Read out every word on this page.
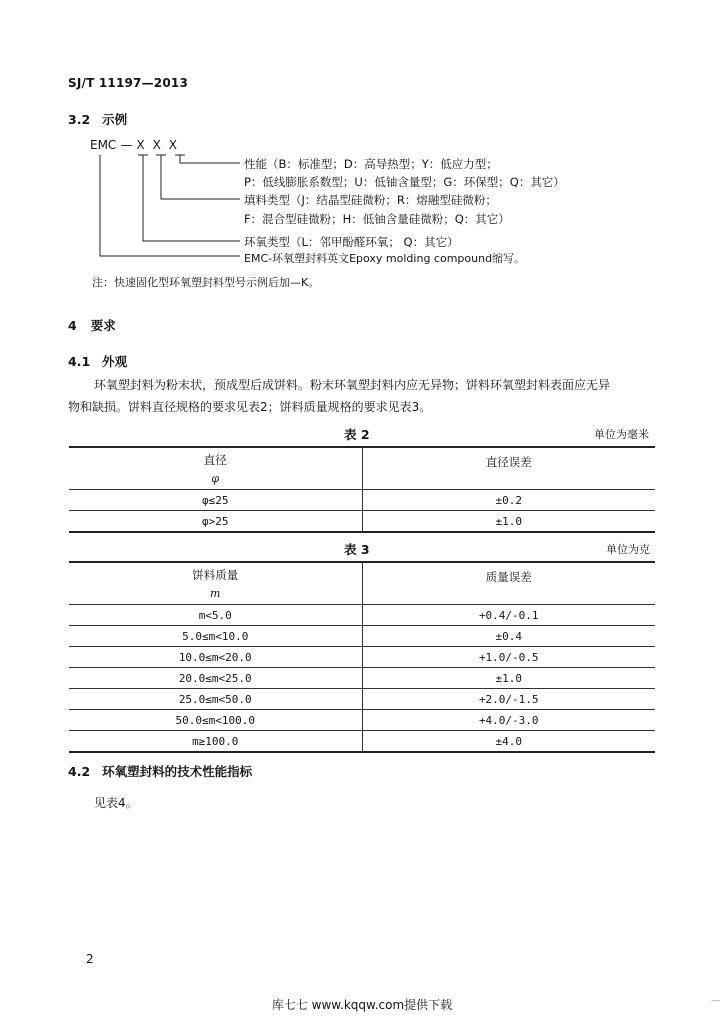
SJ/T 11197—2013
3.2 示例
EMC — X X X
性能（B：标准型；D：高导热型；Y：低应力型；
P：低线膨胀系数型；U：低铀含量型；G：环保型；Q：其它）
填料类型（J：结晶型硅微粉；R：熔融型硅微粉；
F：混合型硅微粉；H：低铀含量硅微粉；Q：其它）
环氧类型（L：邻甲酚醛环氧； Q：其它）
EMC-环氧塑封料英文Epoxy molding compound缩写。
注：快速固化型环氧塑封料型号示例后加—K。
4 要求
4.1 外观
环氧塑封料为粉末状，预成型后成饼料。粉末环氧塑封料内应无异物；饼料环氧塑封料表面应无异
物和缺损。饼料直径规格的要求见表2；饼料质量规格的要求见表3。
表 2	单位为毫米
直径
φ	直径误差
φ≤25	±0.2
φ>25	±1.0
表 3	单位为克
饼料质量
m	质量误差
m<5.0	+0.4/-0.1
5.0≤m<10.0	±0.4
10.0≤m<20.0	+1.0/-0.5
20.0≤m<25.0	±1.0
25.0≤m<50.0	+2.0/-1.5
50.0≤m<100.0	+4.0/-3.0
m≥100.0	±4.0
4.2 环氧塑封料的技术性能指标
见表4。
2
库七七 www.kqqw.com提供下载	—
